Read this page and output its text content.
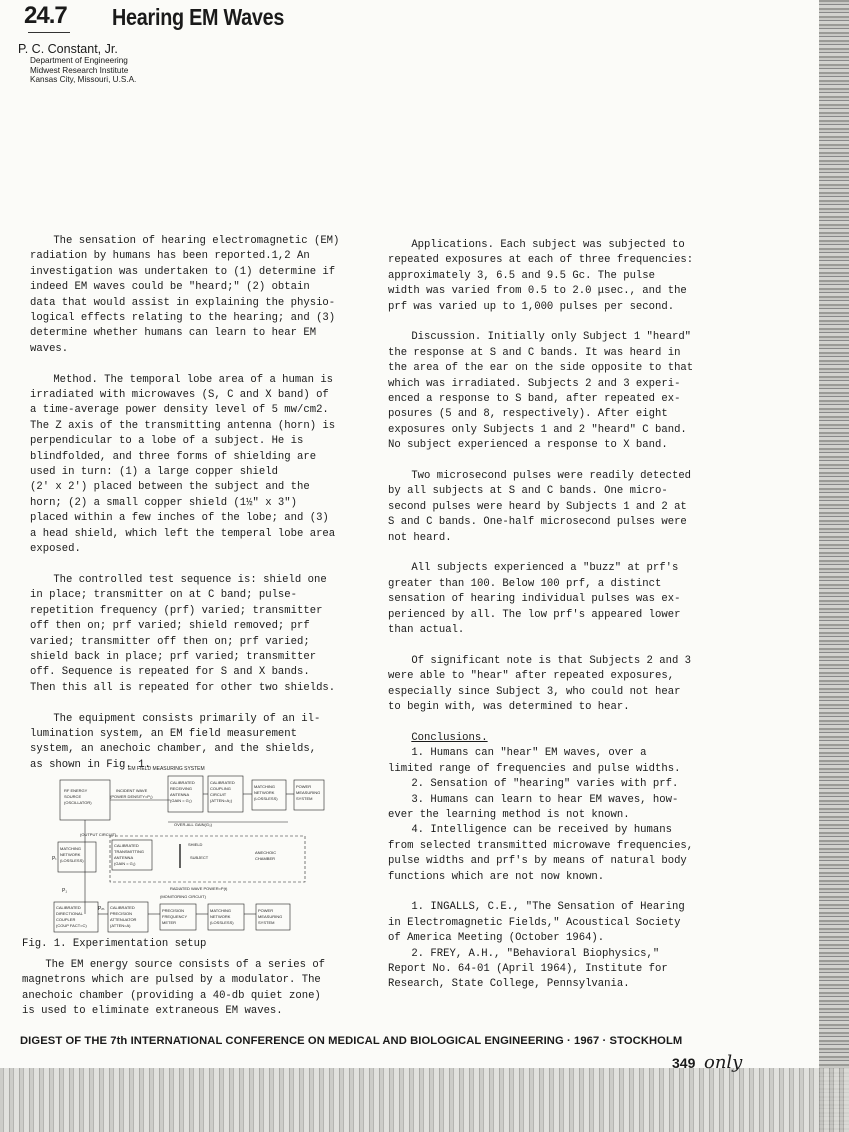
24.7 Hearing EM Waves
P. C. Constant, Jr.
Department of Engineering
Midwest Research Institute
Kansas City, Missouri, U.S.A.

The sensation of hearing electromagnetic (EM)

radiation by humans has been reported.1,2 An

investigation was undertaken to (1) determine if

indeed EM waves could be "heard;" (2) obtain

data that would assist in explaining the physio-

logical effects relating to the hearing; and (3)

determine whether humans can learn to hear EM

waves.

Method. The temporal lobe area of a human is

irradiated with microwaves (S, C and X band) of

a time-average power density level of 5 mw/cm2.

The Z axis of the transmitting antenna (horn) is

perpendicular to a lobe of a subject. He is

blindfolded, and three forms of shielding are

used in turn: (1) a large copper shield

(2' x 2') placed between the subject and the

horn; (2) a small copper shield (1½" x 3")

placed within a few inches of the lobe; and (3)

a head shield, which left the temperal lobe area

exposed.

The controlled test sequence is: shield one

in place; transmitter on at C band; pulse-

repetition frequency (prf) varied; transmitter

off then on; prf varied; shield removed; prf

varied; transmitter off then on; prf varied;

shield back in place; prf varied; transmitter

off. Sequence is repeated for S and X bands.

Then this all is repeated for other two shields.

The equipment consists primarily of an il-

lumination system, an EM field measurement

system, an anechoic chamber, and the shields,

as shown in Fig. 1.

EM FIELD MEASURING SYSTEM
RF ENERGY
SOURCE
(OSCILLATOR)
INCIDENT WAVE
(POWER DENSITY=P₁)
CALIBRATED
RECEIVING
ANTENNA
(GAIN = G₂)
CALIBRATED
COUPLING
CIRCUIT
(ATTEN=A₂)
MATCHING
NETWORK
(LOSSLESS)
POWER
MEASURING
SYSTEM
OVER-ALL GAIN(G₀)
(OUTPUT CIRCUIT)
MATCHING
NETWORK
(LOSSLESS)
CALIBRATED
TRANSMITTING
ANTENNA
(GAIN = G₁)
SHIELD
SUBJECT
ANECHOIC
CHAMBER
RADIATED WAVE POWER=P(t)
(MONITORING CIRCUIT)
P₁
Pₜ
CALIBRATED
DIRECTIONAL
COUPLER
(COUP FACT=C)
Pₘ CALIBRATED
PRECISION
ATTENUATOR
(ATTEN=A)
PRECISION
FREQUENCY
METER
MATCHING
NETWORK
(LOSSLESS)
POWER
MEASURING
SYSTEM
Fig. 1. Experimentation setup

The EM energy source consists of a series of

magnetrons which are pulsed by a modulator. The

anechoic chamber (providing a 40-db quiet zone)

is used to eliminate extraneous EM waves.

Applications. Each subject was subjected to

repeated exposures at each of three frequencies:

approximately 3, 6.5 and 9.5 Gc. The pulse

width was varied from 0.5 to 2.0 μsec., and the

prf was varied up to 1,000 pulses per second.

Discussion. Initially only Subject 1 "heard"

the response at S and C bands. It was heard in

the area of the ear on the side opposite to that

which was irradiated. Subjects 2 and 3 experi-

enced a response to S band, after repeated ex-

posures (5 and 8, respectively). After eight

exposures only Subjects 1 and 2 "heard" C band.

No subject experienced a response to X band.

Two microsecond pulses were readily detected

by all subjects at S and C bands. One micro-

second pulses were heard by Subjects 1 and 2 at

S and C bands. One-half microsecond pulses were

not heard.

All subjects experienced a "buzz" at prf's

greater than 100. Below 100 prf, a distinct

sensation of hearing individual pulses was ex-

perienced by all. The low prf's appeared lower

than actual.

Of significant note is that Subjects 2 and 3

were able to "hear" after repeated exposures,

especially since Subject 3, who could not hear

to begin with, was determined to hear.

Conclusions.

1. Humans can "hear" EM waves, over a

limited range of frequencies and pulse widths.

2. Sensation of "hearing" varies with prf.

3. Humans can learn to hear EM waves, how-

ever the learning method is not known.

4. Intelligence can be received by humans

from selected transmitted microwave frequencies,

pulse widths and prf's by means of natural body

functions which are not now known.

1. INGALLS, C.E., "The Sensation of Hearing

in Electromagnetic Fields," Acoustical Society

of America Meeting (October 1964).

2. FREY, A.H., "Behavioral Biophysics,"

Report No. 64-01 (April 1964), Institute for

Research, State College, Pennsylvania.

DIGEST OF THE 7th INTERNATIONAL CONFERENCE ON MEDICAL AND BIOLOGICAL ENGINEERING · 1967 · STOCKHOLM
349 only
